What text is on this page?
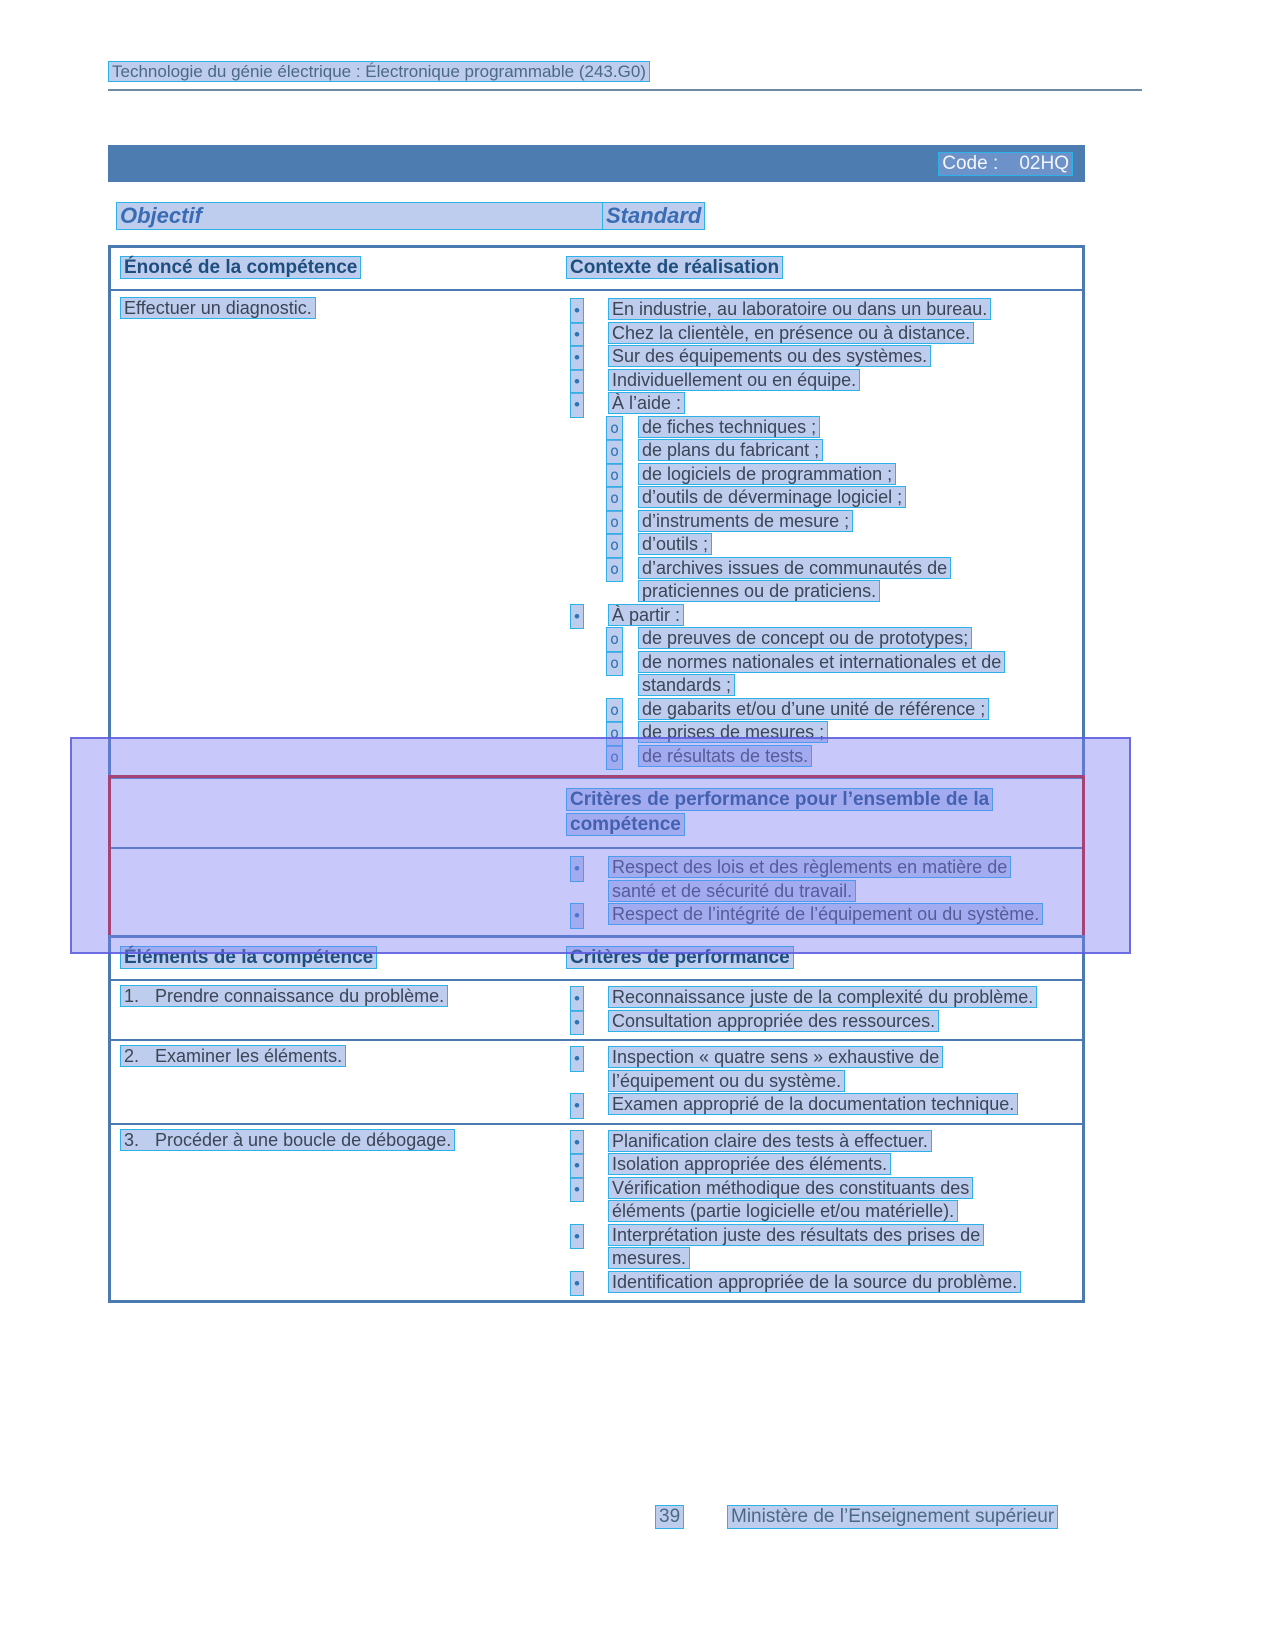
Technologie du génie électrique : Électronique programmable (243.G0)
Code :    02HQ
Objectif	Standard
Énoncé de la compétence	Contexte de réalisation
Effectuer un diagnostic.	• En industrie, au laboratoire ou dans un bureau.
• Chez la clientèle, en présence ou à distance.
• Sur des équipements ou des systèmes.
• Individuellement ou en équipe.
• À l’aide :
o de fiches techniques ;
o de plans du fabricant ;
o de logiciels de programmation ;
o d’outils de déverminage logiciel ;
o d’instruments de mesure ;
o d’outils ;
o d’archives issues de communautés de
praticiennes ou de praticiens.
• À partir :
o de preuves de concept ou de prototypes;
o de normes nationales et internationales et de
standards ;
o de gabarits et/ou d’une unité de référence ;
o de prises de mesures ;
o de résultats de tests.
Critères de performance pour l’ensemble de la compétence
• Respect des lois et des règlements en matière de
santé et de sécurité du travail.
• Respect de l’intégrité de l’équipement ou du système.
Éléments de la compétence	Critères de performance
1. Prendre connaissance du problème.	• Reconnaissance juste de la complexité du problème.
• Consultation appropriée des ressources.
2. Examiner les éléments.	• Inspection « quatre sens » exhaustive de
l’équipement ou du système.
• Examen approprié de la documentation technique.
3. Procéder à une boucle de débogage.	• Planification claire des tests à effectuer.
• Isolation appropriée des éléments.
• Vérification méthodique des constituants des
éléments (partie logicielle et/ou matérielle).
• Interprétation juste des résultats des prises de
mesures.
• Identification appropriée de la source du problème.
39	Ministère de l’Enseignement supérieur
